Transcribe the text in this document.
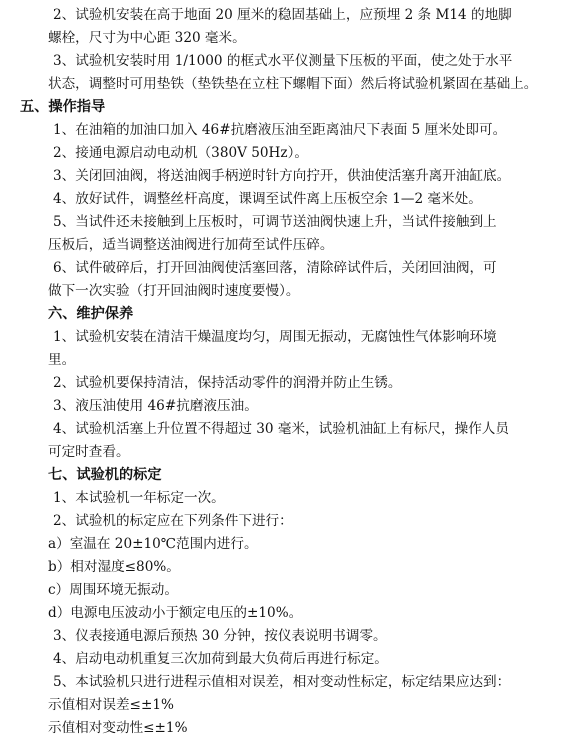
2、试验机安装在高于地面 20 厘米的稳固基础上，应预埋 2 条 M14 的地脚
螺栓，尺寸为中心距 320 毫米。
3、试验机安装时用 1/1000 的框式水平仪测量下压板的平面，使之处于水平
状态，调整时可用垫铁（垫铁垫在立柱下螺帽下面）然后将试验机紧固在基础上。
五、操作指导
1、在油箱的加油口加入 46#抗磨液压油至距离油尺下表面 5 厘米处即可。
2、接通电源启动电动机（380V 50Hz）。
3、关闭回油阀，将送油阀手柄逆时针方向拧开，供油使活塞升离开油缸底。
4、放好试件，调整丝杆高度，课调至试件离上压板空余 1—2 毫米处。
5、当试件还未接触到上压板时，可调节送油阀快速上升，当试件接触到上
压板后，适当调整送油阀进行加荷至试件压碎。
6、试件破碎后，打开回油阀使活塞回落，清除碎试件后，关闭回油阀，可
做下一次实验（打开回油阀时速度要慢）。
六、维护保养
1、试验机安装在清洁干燥温度均匀，周围无振动，无腐蚀性气体影响环境
里。
2、试验机要保持清洁，保持活动零件的润滑并防止生锈。
3、液压油使用 46#抗磨液压油。
4、试验机活塞上升位置不得超过 30 毫米，试验机油缸上有标尺，操作人员
可定时查看。
七、试验机的标定
1、本试验机一年标定一次。
2、试验机的标定应在下列条件下进行：
a）室温在 20±10℃范围内进行。
b）相对湿度≤80%。
c）周围环境无振动。
d）电源电压波动小于额定电压的±10%。
3、仪表接通电源后预热 30 分钟，按仪表说明书调零。
4、启动电动机重复三次加荷到最大负荷后再进行标定。
5、本试验机只进行进程示值相对误差，相对变动性标定，标定结果应达到：
示值相对误差≤±1%
示值相对变动性≤±1%
